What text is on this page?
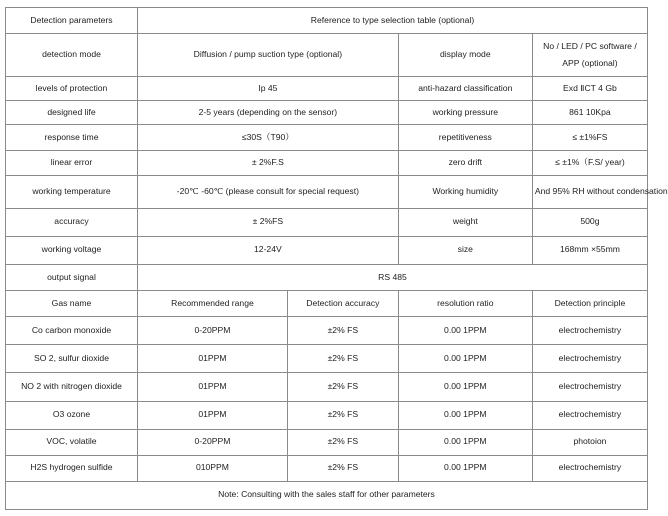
Detection parameters	Reference to type selection table (optional)			
detection mode	Diffusion / pump suction type (optional)		display mode	No / LED / PC software / APP (optional)
levels of protection	Ip 45		anti-hazard classification	Exd ⅡCT 4 Gb
designed life	2-5 years (depending on the sensor)		working pressure	861 10Kpa
response time	≤30S（T90）		repetitiveness	≤ ±1%FS
linear error	± 2%F.S		zero drift	≤ ±1%（F.S/ year)
working temperature	-20℃ -60℃ (please consult for special request)		Working humidity	And 95% RH without condensation
accuracy	± 2%FS		weight	500g
working voltage	12-24V		size	168mm ×55mm
output signal	RS 485			
Gas name	Recommended range	Detection accuracy	resolution ratio	Detection principle
Co carbon monoxide	0-20PPM	±2% FS	0.00 1PPM	electrochemistry
SO 2, sulfur dioxide	01PPM	±2% FS	0.00 1PPM	electrochemistry
NO 2 with nitrogen dioxide	01PPM	±2% FS	0.00 1PPM	electrochemistry
O3 ozone	01PPM	±2% FS	0.00 1PPM	electrochemistry
VOC, volatile	0-20PPM	±2% FS	0.00 1PPM	photoion
H2S hydrogen sulfide	010PPM	±2% FS	0.00 1PPM	electrochemistry
Note: Consulting with the sales staff for other parameters				
